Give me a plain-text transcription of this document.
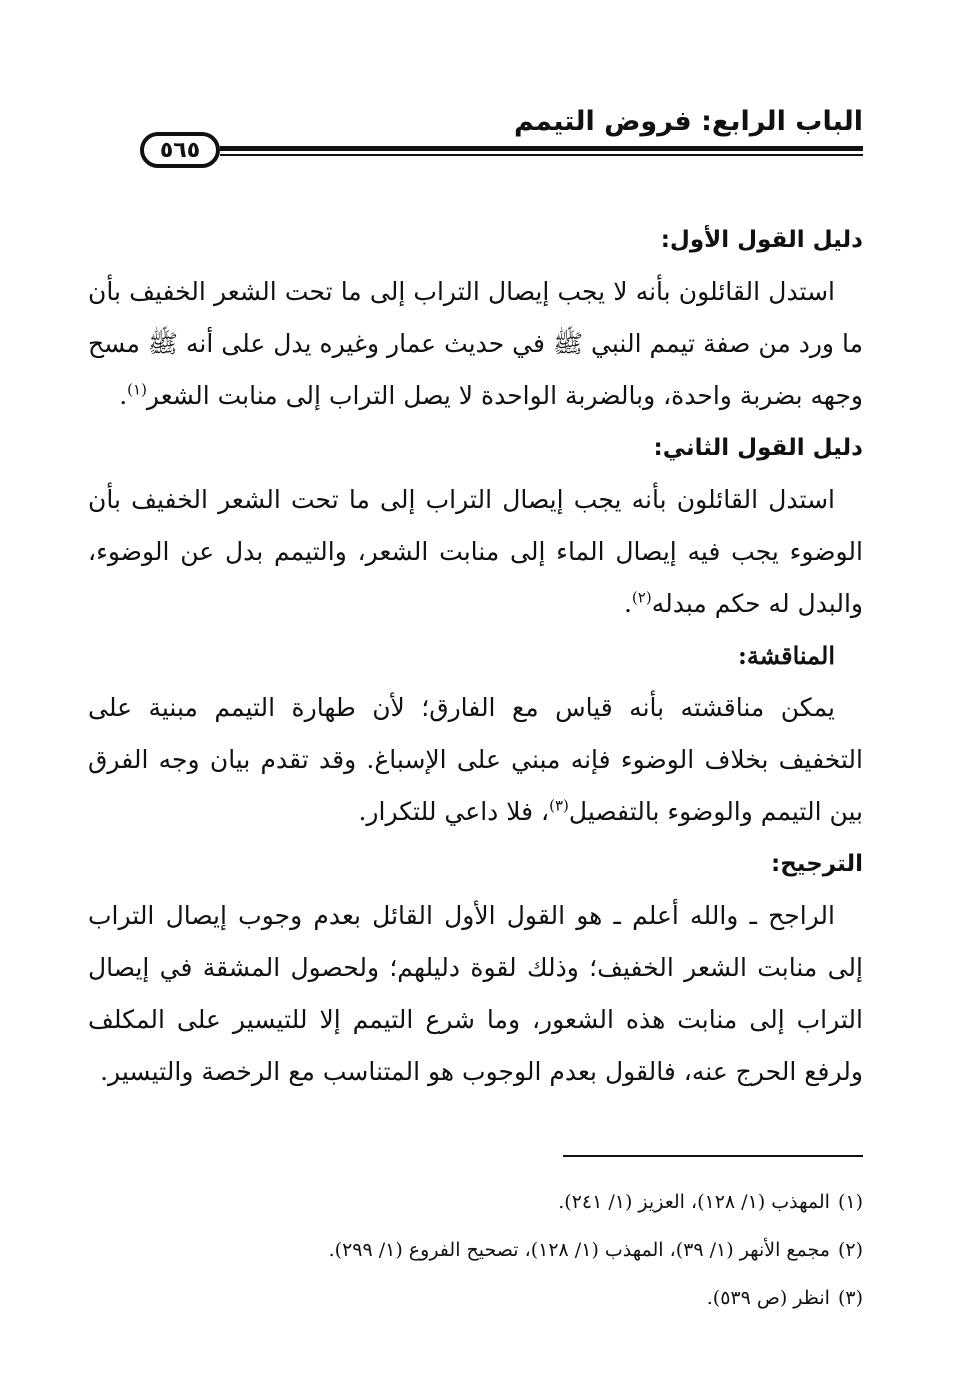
الباب الرابع: فروض التيمم
٥٦٥

دليل القول الأول:

استدل القائلون بأنه لا يجب إيصال التراب إلى ما تحت الشعر الخفيف بأن ما ورد من صفة تيمم النبي ﷺ في حديث عمار وغيره يدل على أنه ﷺ مسح وجهه بضربة واحدة، وبالضربة الواحدة لا يصل التراب إلى منابت الشعر$^{(١)}$.

دليل القول الثاني:

استدل القائلون بأنه يجب إيصال التراب إلى ما تحت الشعر الخفيف بأن الوضوء يجب فيه إيصال الماء إلى منابت الشعر، والتيمم بدل عن الوضوء، والبدل له حكم مبدله$^{(٢)}$.

المناقشة:

يمكن مناقشته بأنه قياس مع الفارق؛ لأن طهارة التيمم مبنية على التخفيف بخلاف الوضوء فإنه مبني على الإسباغ. وقد تقدم بيان وجه الفرق بين التيمم والوضوء بالتفصيل$^{(٣)}$، فلا داعي للتكرار.

الترجيح:

الراجح ـ والله أعلم ـ هو القول الأول القائل بعدم وجوب إيصال التراب إلى منابت الشعر الخفيف؛ وذلك لقوة دليلهم؛ ولحصول المشقة في إيصال التراب إلى منابت هذه الشعور، وما شرع التيمم إلا للتيسير على المكلف ولرفع الحرج عنه، فالقول بعدم الوجوب هو المتناسب مع الرخصة والتيسير.

(١)المهذب (١/ ١٢٨)، العزيز (١/ ٢٤١).

(٢)مجمع الأنهر (١/ ٣٩)، المهذب (١/ ١٢٨)، تصحيح الفروع (١/ ٢٩٩).

(٣)انظر (ص ٥٣٩).
